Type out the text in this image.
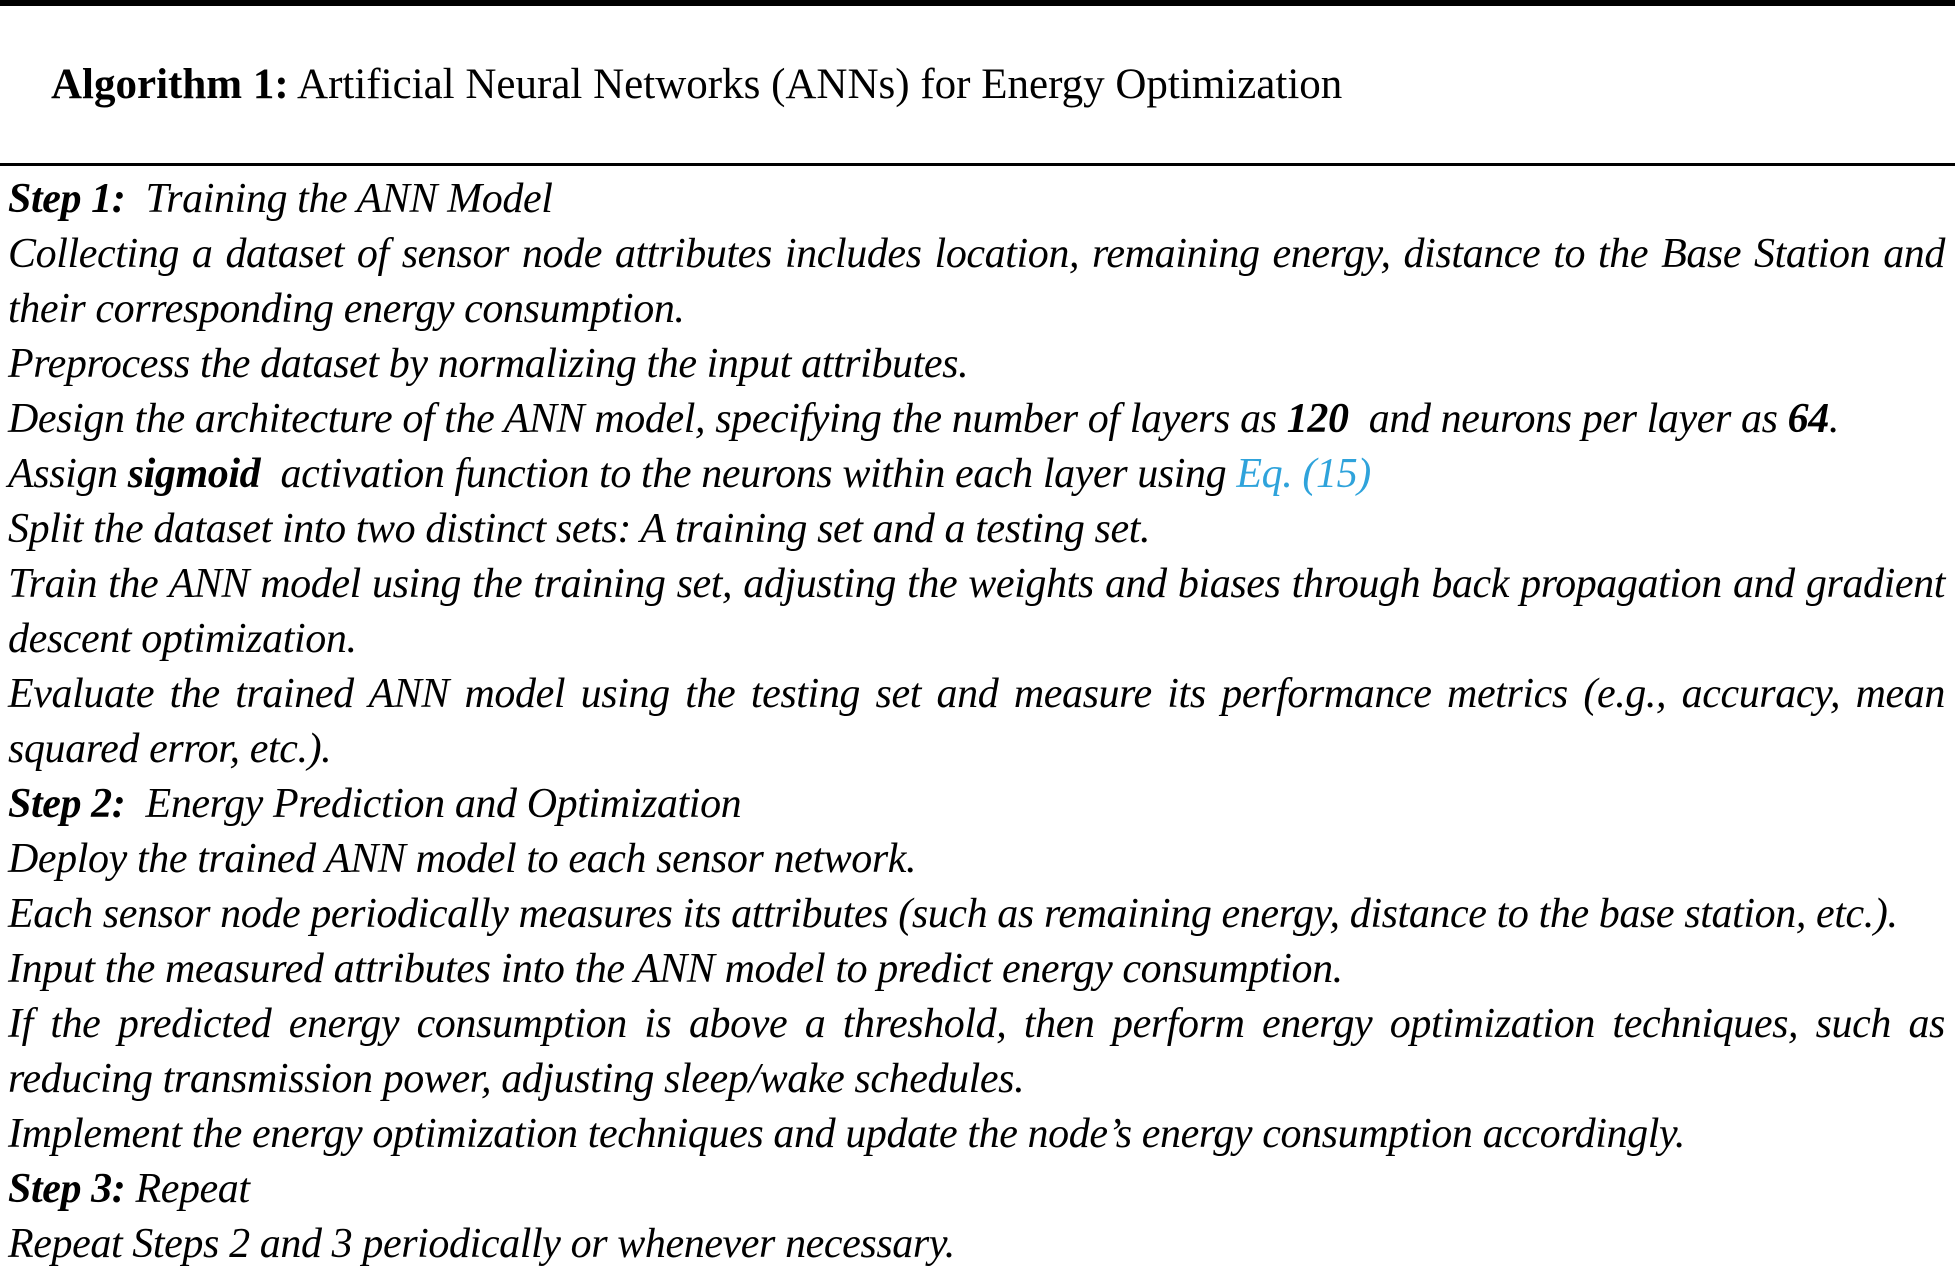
Algorithm 1: Artificial Neural Networks (ANNs) for Energy Optimization

Step 1:  Training the ANN Model

Collecting a dataset of sensor node attributes includes location, remaining energy, distance to the Base Station and their corresponding energy consumption.

Preprocess the dataset by normalizing the input attributes.

Design the architecture of the ANN model, specifying the number of layers as 120  and neurons per layer as 64.

Assign sigmoid  activation function to the neurons within each layer using Eq. (15)

Split the dataset into two distinct sets: A training set and a testing set.

Train the ANN model using the training set, adjusting the weights and biases through back propagation and gradient descent optimization.

Evaluate the trained ANN model using the testing set and measure its performance metrics (e.g., accuracy, mean squared error, etc.).

Step 2:  Energy Prediction and Optimization

Deploy the trained ANN model to each sensor network.

Each sensor node periodically measures its attributes (such as remaining energy, distance to the base station, etc.).

Input the measured attributes into the ANN model to predict energy consumption.

If the predicted energy consumption is above a threshold, then perform energy optimization techniques, such as reducing transmission power, adjusting sleep/wake schedules.

Implement the energy optimization techniques and update the node’s energy consumption accordingly.

Step 3: Repeat

Repeat Steps 2 and 3 periodically or whenever necessary.
